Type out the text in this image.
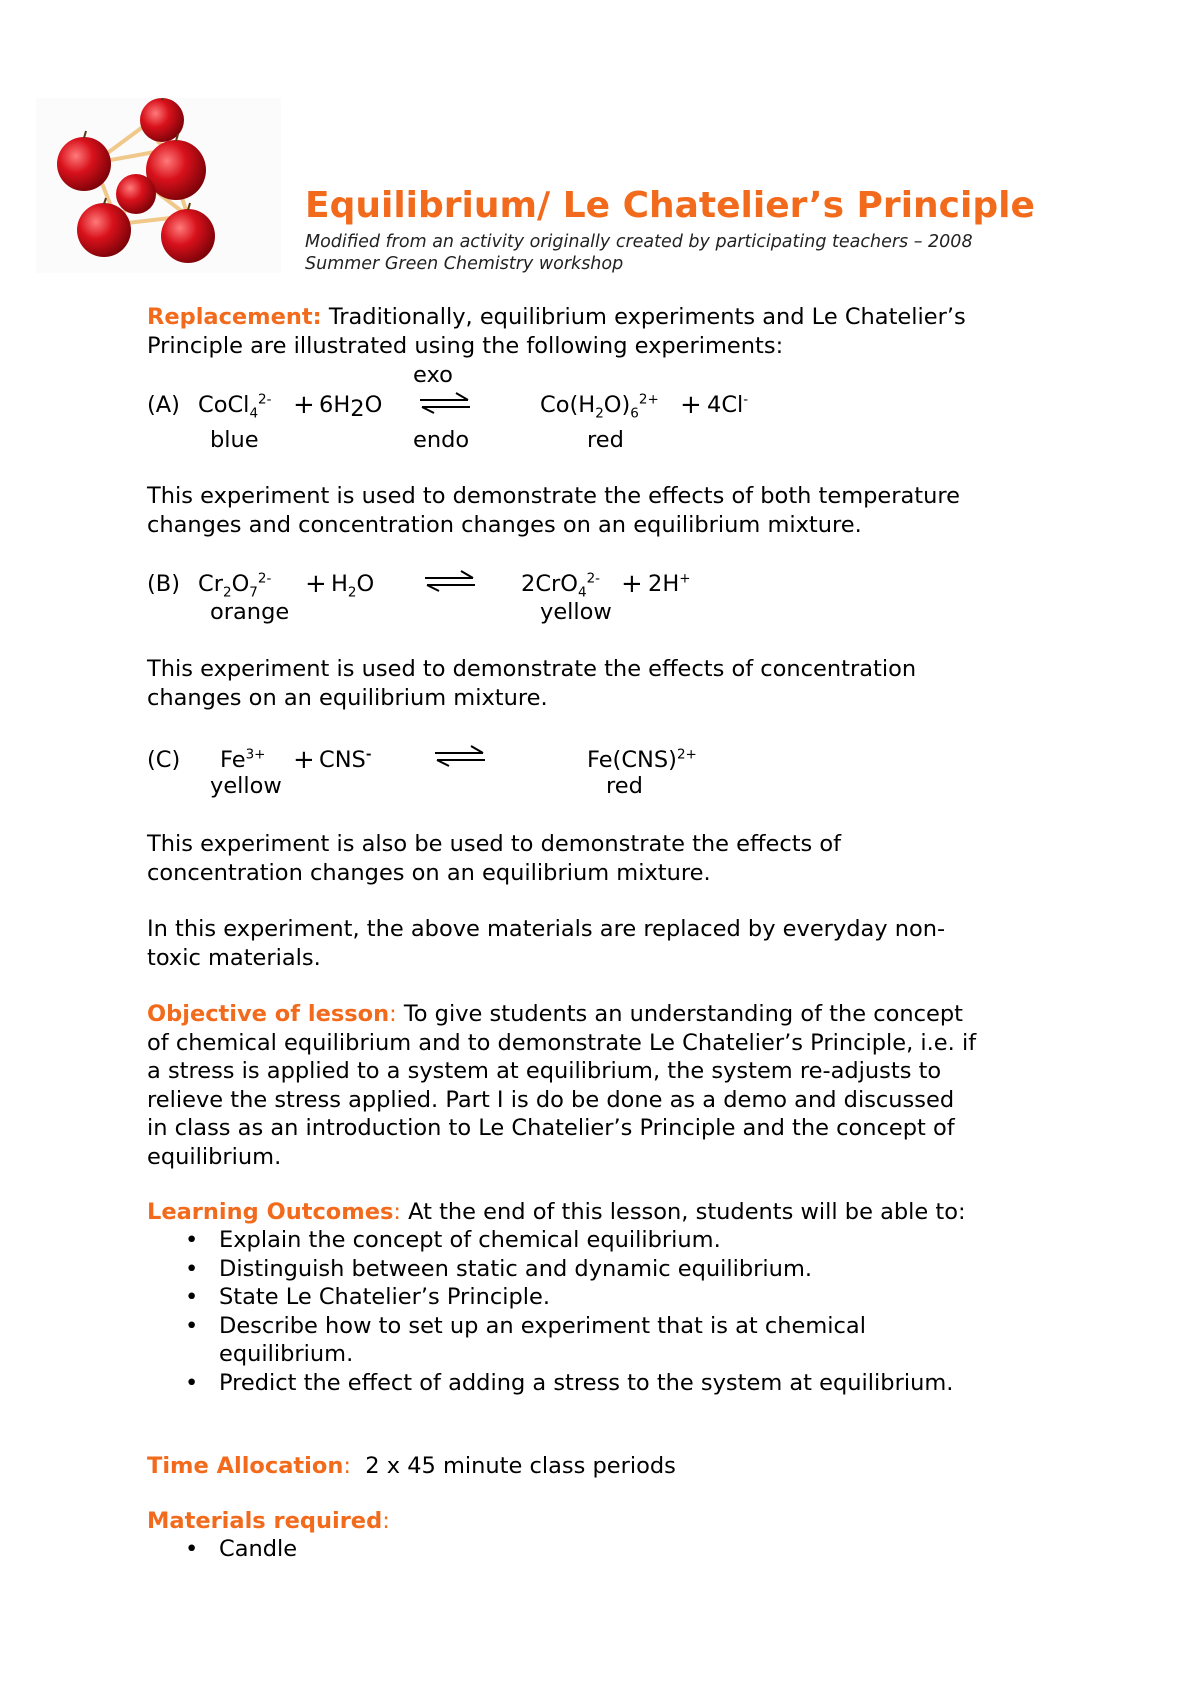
Equilibrium/ Le Chatelier’s Principle
Modified from an activity originally created by participating teachers – 2008 Summer Green Chemistry workshop
Replacement: Traditionally, equilibrium experiments and Le Chatelier’s
Principle are illustrated using the following experiments:
exo
(A) CoCl$_4^{2-}$ + 6H2O	$Co(H_2O)_6^{2+} + 4Cl^-$
blue	endo	red
This experiment is used to demonstrate the effects of both temperature
changes and concentration changes on an equilibrium mixture.
(B) $Cr_2O_7^{2-} + H_2O$	2CrO$_4^{2-}$ + 2H+
orange	yellow
This experiment is used to demonstrate the effects of concentration
changes on an equilibrium mixture.
(C) $Fe^{3+} + CNS^-$	Fe(CNS)$^{2+}$
yellow	red
This experiment is also be used to demonstrate the effects of
concentration changes on an equilibrium mixture.
In this experiment, the above materials are replaced by everyday non-
toxic materials.
Objective of lesson: To give students an understanding of the concept
of chemical equilibrium and to demonstrate Le Chatelier’s Principle, i.e. if
a stress is applied to a system at equilibrium, the system re-adjusts to
relieve the stress applied. Part I is do be done as a demo and discussed
in class as an introduction to Le Chatelier’s Principle and the concept of
equilibrium.
Learning Outcomes: At the end of this lesson, students will be able to:
• Explain the concept of chemical equilibrium.
• Distinguish between static and dynamic equilibrium.
• State Le Chatelier’s Principle.
• Describe how to set up an experiment that is at chemical equilibrium.
• Predict the effect of adding a stress to the system at equilibrium.
Time Allocation:  2 x 45 minute class periods
Materials required:
• Candle
